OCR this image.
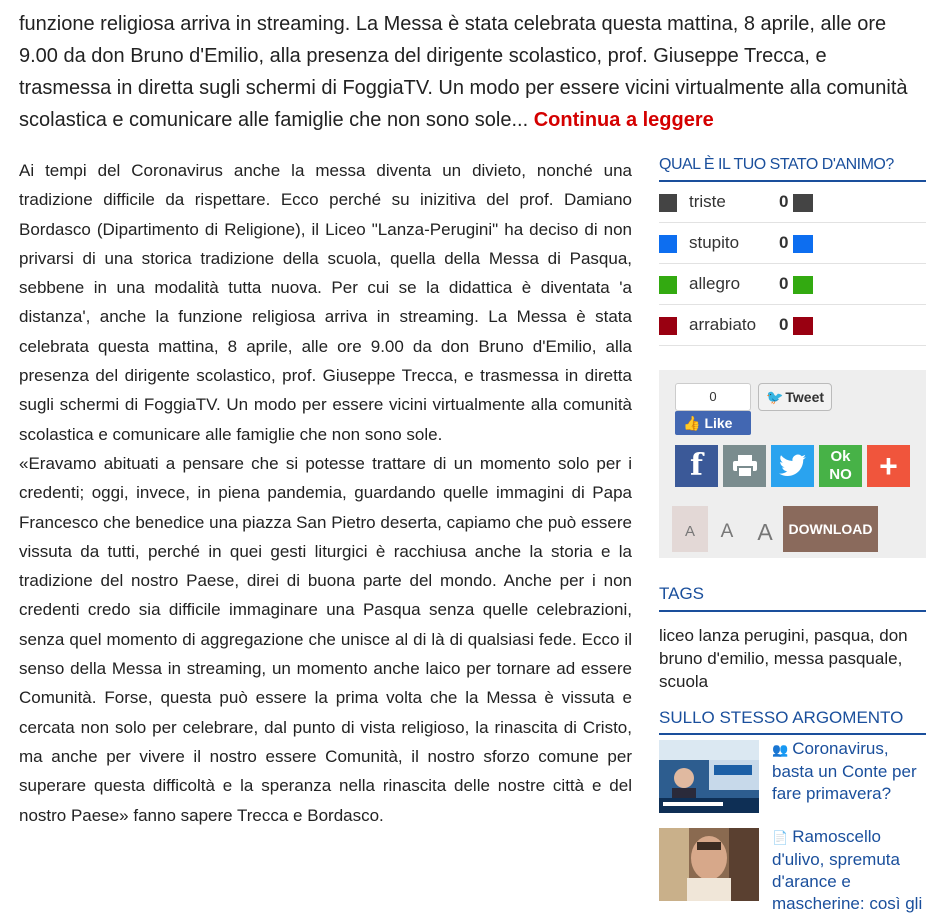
funzione religiosa arriva in streaming. La Messa è stata celebrata questa mattina, 8 aprile, alle ore 9.00 da don Bruno d'Emilio, alla presenza del dirigente scolastico, prof. Giuseppe Trecca, e trasmessa in diretta sugli schermi di FoggiaTV. Un modo per essere vicini virtualmente alla comunità scolastica e comunicare alle famiglie che non sono sole... Continua a leggere

Ai tempi del Coronavirus anche la messa diventa un divieto, nonché una tradizione difficile da rispettare. Ecco perché su inizitiva del prof. Damiano Bordasco (Dipartimento di Religione), il Liceo "Lanza-Perugini" ha deciso di non privarsi di una storica tradizione della scuola, quella della Messa di Pasqua, sebbene in una modalità tutta nuova. Per cui se la didattica è diventata 'a distanza', anche la funzione religiosa arriva in streaming. La Messa è stata celebrata questa mattina, 8 aprile, alle ore 9.00 da don Bruno d'Emilio, alla presenza del dirigente scolastico, prof. Giuseppe Trecca, e trasmessa in diretta sugli schermi di FoggiaTV. Un modo per essere vicini virtualmente alla comunità scolastica e comunicare alle famiglie che non sono sole.

«Eravamo abituati a pensare che si potesse trattare di un momento solo per i credenti; oggi, invece, in piena pandemia, guardando quelle immagini di Papa Francesco che benedice una piazza San Pietro deserta, capiamo che può essere vissuta da tutti, perché in quei gesti liturgici è racchiusa anche la storia e la tradizione del nostro Paese, direi di buona parte del mondo. Anche per i non credenti credo sia difficile immaginare una Pasqua senza quelle celebrazioni, senza quel momento di aggregazione che unisce al di là di qualsiasi fede. Ecco il senso della Messa in streaming, un momento anche laico per tornare ad essere Comunità. Forse, questa può essere la prima volta che la Messa è vissuta e cercata non solo per celebrare, dal punto di vista religioso, la rinascita di Cristo, ma anche per vivere il nostro essere Comunità, il nostro sforzo comune per superare questa difficoltà e la speranza nella rinascita delle nostre città e del nostro Paese» fanno sapere Trecca e Bordasco.

QUAL È IL TUO STATO D'ANIMO?
triste	0
stupito 0
allegro 0
arrabiato 0
0
👍 Like
🐦 Tweet
f	Ok NO +
A	A	A	DOWNLOAD
TAGS
liceo lanza perugini, pasqua, don bruno d'emilio, messa pasquale, scuola
SULLO STESSO ARGOMENTO
👥 Coronavirus, basta un Conte per fare primavera?
📄 Ramoscello d'ulivo, spremuta d'arance e mascherine: così gli
